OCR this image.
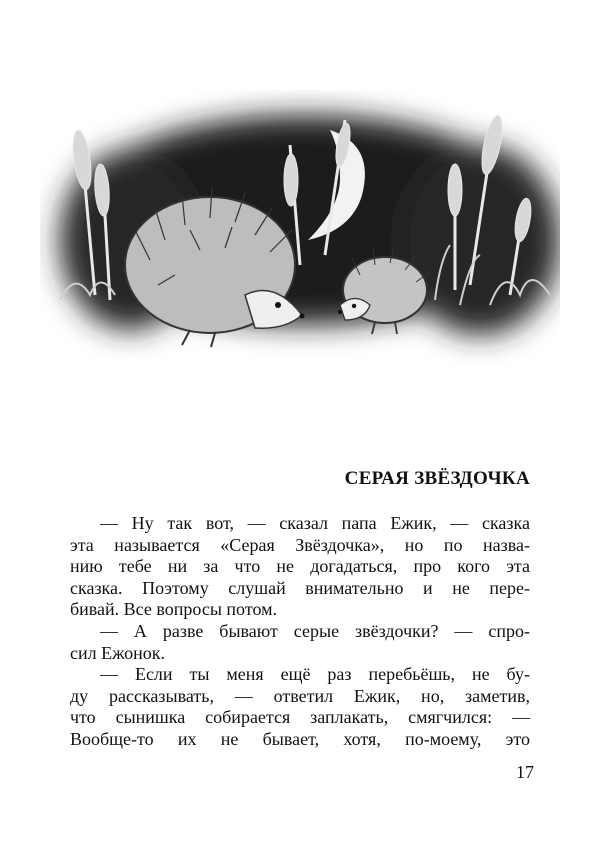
СЕРАЯ ЗВЁЗДОЧКА
— Ну так вот, — сказал папа Ежик, — сказка
эта называется «Серая Звёздочка», но по назва-
нию тебе ни за что не догадаться, про кого эта
сказка. Поэтому слушай внимательно и не пере-
бивай. Все вопросы потом.
— А разве бывают серые звёздочки? — спро-
сил Ежонок.
— Если ты меня ещё раз перебьёшь, не бу-
ду рассказывать, — ответил Ежик, но, заметив,
что сынишка собирается заплакать, смягчился: —
Вообще-то их не бывает, хотя, по-моему, это
17
